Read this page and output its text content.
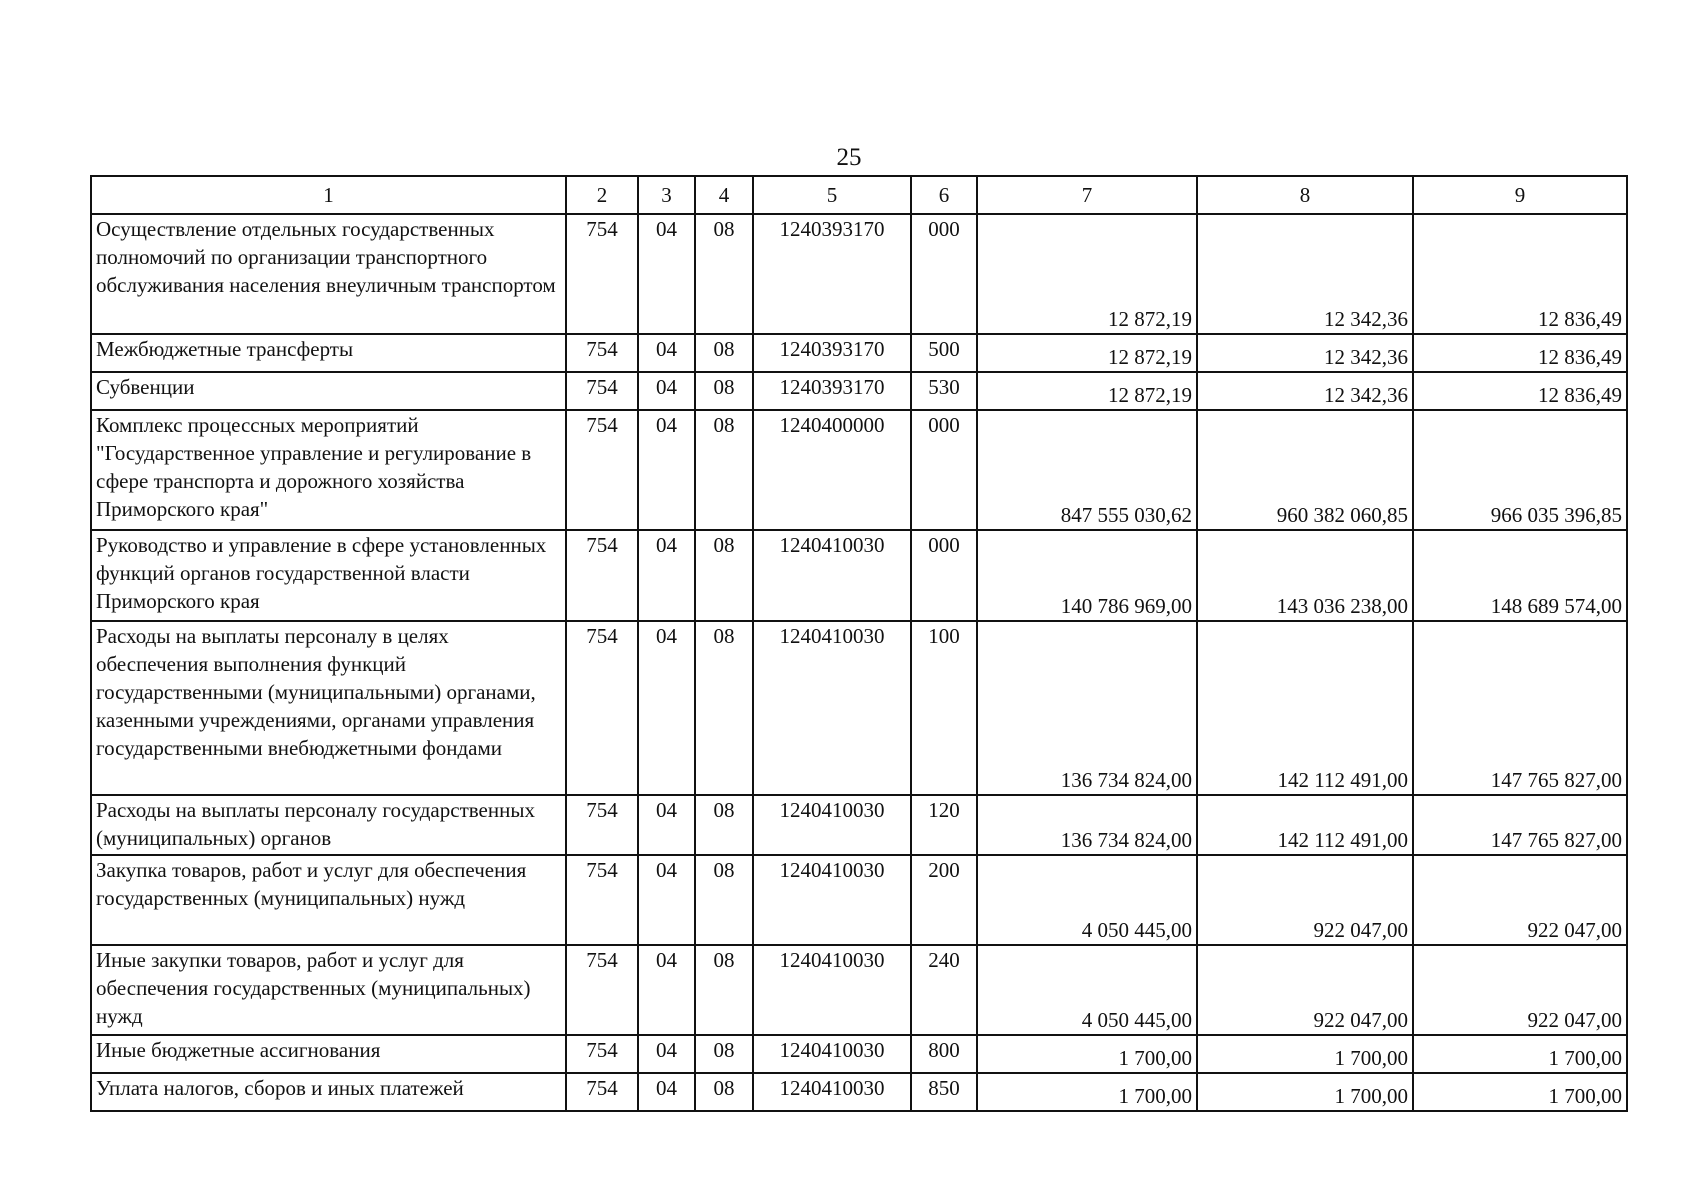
25
1	2	3	4	5	6	7	8	9
Осуществление отдельных государственных полномочий по организации транспортного обслуживания населения внеуличным транспортом	754	04	08	1240393170	000	12 872,19	12 342,36	12 836,49
Межбюджетные трансферты	754	04	08	1240393170	500	12 872,19	12 342,36	12 836,49
Субвенции	754	04	08	1240393170	530	12 872,19	12 342,36	12 836,49
Комплекс процессных мероприятий "Государственное управление и регулирование в сфере транспорта и дорожного хозяйства Приморского края"	754	04	08	1240400000	000	847 555 030,62	960 382 060,85	966 035 396,85
Руководство и управление в сфере установленных функций органов государственной власти Приморского края	754	04	08	1240410030	000	140 786 969,00	143 036 238,00	148 689 574,00
Расходы на выплаты персоналу в целях обеспечения выполнения функций государственными (муниципальными) органами, казенными учреждениями, органами управления государственными внебюджетными фондами	754	04	08	1240410030	100	136 734 824,00	142 112 491,00	147 765 827,00
Расходы на выплаты персоналу государственных (муниципальных) органов	754	04	08	1240410030	120	136 734 824,00	142 112 491,00	147 765 827,00
Закупка товаров, работ и услуг для обеспечения государственных (муниципальных) нужд	754	04	08	1240410030	200	4 050 445,00	922 047,00	922 047,00
Иные закупки товаров, работ и услуг для обеспечения государственных (муниципальных) нужд	754	04	08	1240410030	240	4 050 445,00	922 047,00	922 047,00
Иные бюджетные ассигнования	754	04	08	1240410030	800	1 700,00	1 700,00	1 700,00
Уплата налогов, сборов и иных платежей	754	04	08	1240410030	850	1 700,00	1 700,00	1 700,00
